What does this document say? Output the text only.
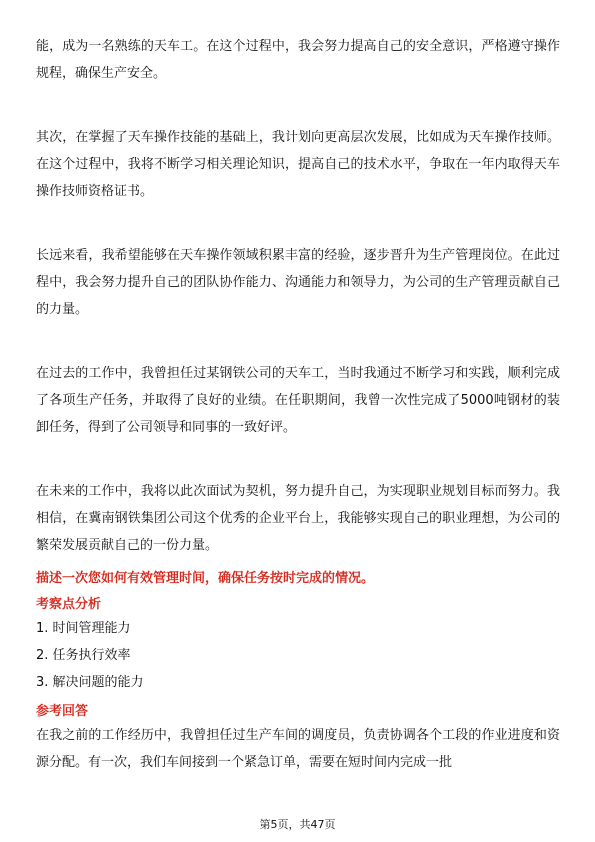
能，成为一名熟练的天车工。在这个过程中，我会努力提高自己的安全意识，严格遵守操作规程，确保生产安全。

其次，在掌握了天车操作技能的基础上，我计划向更高层次发展，比如成为天车操作技师。在这个过程中，我将不断学习相关理论知识，提高自己的技术水平，争取在一年内取得天车操作技师资格证书。

长远来看，我希望能够在天车操作领域积累丰富的经验，逐步晋升为生产管理岗位。在此过程中，我会努力提升自己的团队协作能力、沟通能力和领导力，为公司的生产管理贡献自己的力量。

在过去的工作中，我曾担任过某钢铁公司的天车工，当时我通过不断学习和实践，顺利完成了各项生产任务，并取得了良好的业绩。在任职期间，我曾一次性完成了5000吨钢材的装卸任务，得到了公司领导和同事的一致好评。

在未来的工作中，我将以此次面试为契机，努力提升自己，为实现职业规划目标而努力。我相信，在冀南钢铁集团公司这个优秀的企业平台上，我能够实现自己的职业理想，为公司的繁荣发展贡献自己的一份力量。

描述一次您如何有效管理时间，确保任务按时完成的情况。

考察点分析

1. 时间管理能力
2. 任务执行效率
3. 解决问题的能力

参考回答

在我之前的工作经历中，我曾担任过生产车间的调度员，负责协调各个工段的作业进度和资源分配。有一次，我们车间接到一个紧急订单，需要在短时间内完成一批

第5页，共47页
